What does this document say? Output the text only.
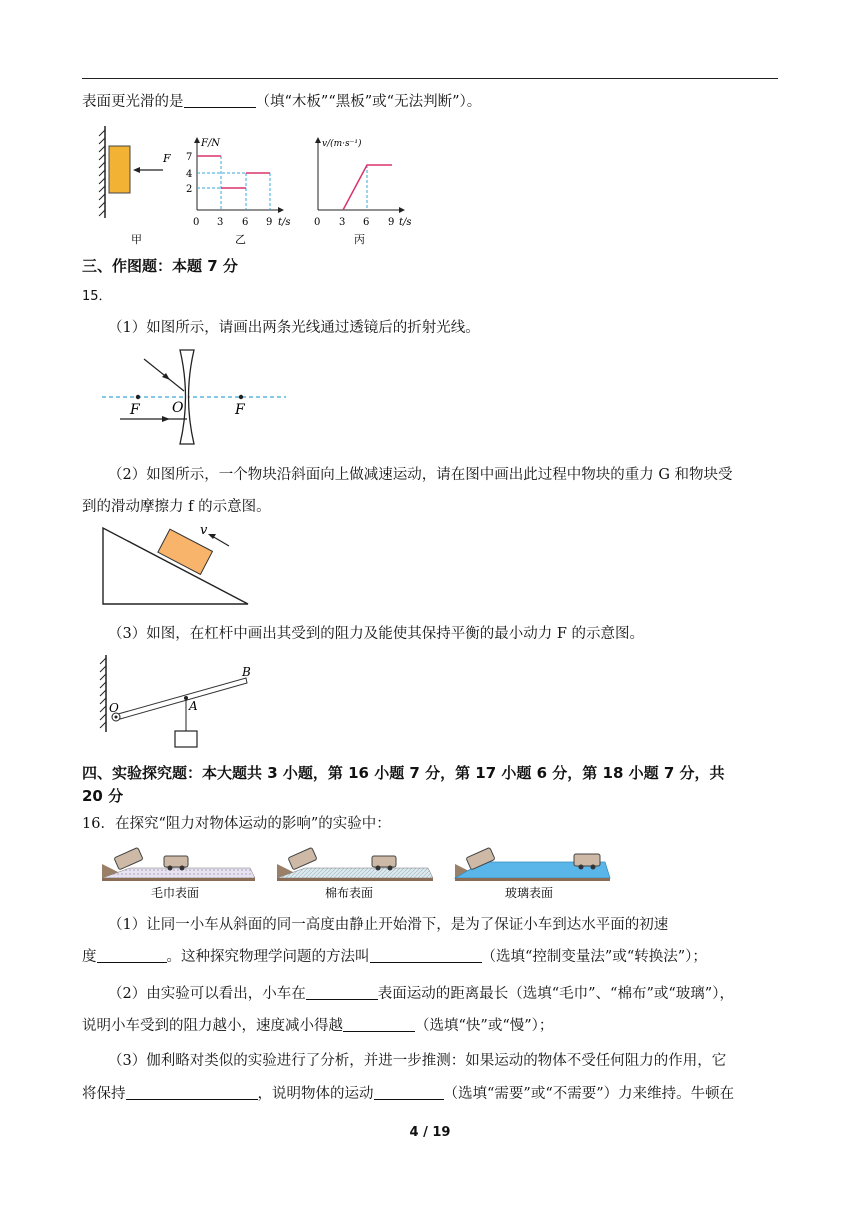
表面更光滑的是	（填“木板”“黑板”或“无法判断”）。
F
F/N
7
4
2
0 3 6 9 t/s
v/(m·s⁻¹)
0 3 6 9 t/s
甲	乙	丙
三、作图题：本题 7 分
15．
（1）如图所示，请画出两条光线通过透镜后的折射光线。
F O	F
（2）如图所示，一个物块沿斜面向上做减速运动，请在图中画出此过程中物块的重力 G 和物块受
到的滑动摩擦力 f 的示意图。
v
（3）如图，在杠杆中画出其受到的阻力及能使其保持平衡的最小动力 F 的示意图。
O	A
B
四、实验探究题：本大题共 3 小题，第 16 小题 7 分，第 17 小题 6 分，第 18 小题 7 分，共
20 分
16．在探究“阻力对物体运动的影响”的实验中：
毛巾表面	棉布表面	玻璃表面
（1）让同一小车从斜面的同一高度由静止开始滑下，是为了保证小车到达水平面的初速
度	。这种探究物理学问题的方法叫	（选填“控制变量法”或“转换法”）；
（2）由实验可以看出，小车在	表面运动的距离最长（选填“毛巾”、“棉布”或“玻璃”），
说明小车受到的阻力越小，速度减小得越	（选填“快”或“慢”）；
（3）伽利略对类似的实验进行了分析，并进一步推测：如果运动的物体不受任何阻力的作用，它
将保持	，说明物体的运动	（选填“需要”或“不需要”）力来维持。牛顿在
4 / 19
